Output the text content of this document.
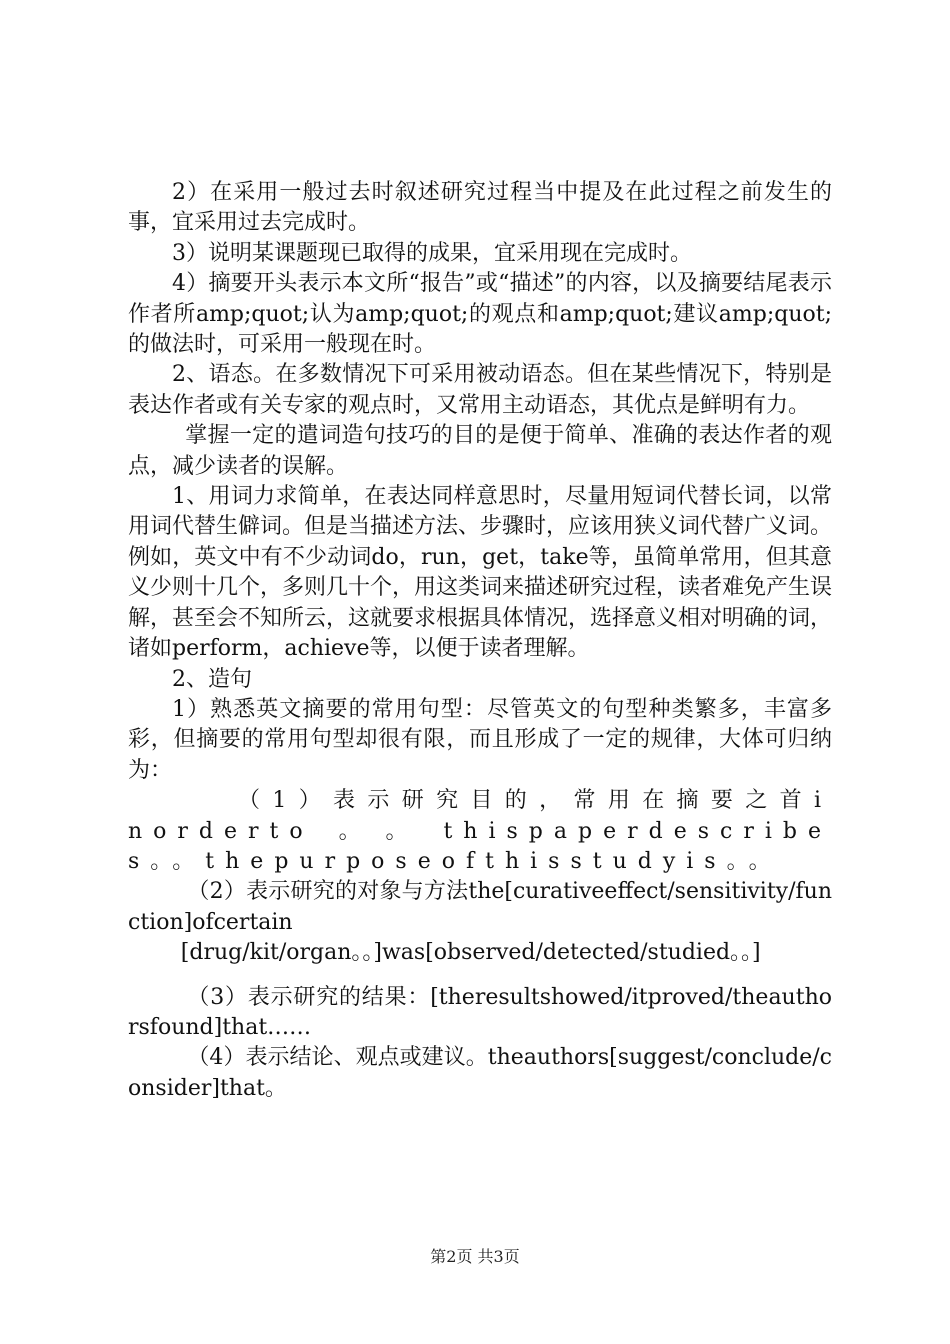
2）在采用一般过去时叙述研究过程当中提及在此过程之前发生的事，宜采用过去完成时。

3）说明某课题现已取得的成果，宜采用现在完成时。

4）摘要开头表示本文所“报告”或“描述”的内容，以及摘要结尾表示作者所amp;quot;认为amp;quot;的观点和amp;quot;建议amp;quot;的做法时，可采用一般现在时。

2、语态。在多数情况下可采用被动语态。但在某些情况下，特别是表达作者或有关专家的观点时，又常用主动语态，其优点是鲜明有力。

掌握一定的遣词造句技巧的目的是便于简单、准确的表达作者的观点，减少读者的误解。

1、用词力求简单，在表达同样意思时，尽量用短词代替长词，以常用词代替生僻词。但是当描述方法、步骤时，应该用狭义词代替广义词。例如，英文中有不少动词do，run，get，take等，虽简单常用，但其意义少则十几个，多则几十个，用这类词来描述研究过程，读者难免产生误解，甚至会不知所云，这就要求根据具体情况，选择意义相对明确的词，诸如perform，achieve等，以便于读者理解。

2、造句

1）熟悉英文摘要的常用句型：尽管英文的句型种类繁多，丰富多彩，但摘要的常用句型却很有限，而且形成了一定的规律，大体可归纳为：

（1）表示研究目的，常用在摘要之首inorderto。。thispaperdescribes。。thepurposeofthisstudyis。。

（2）表示研究的对象与方法the[curativeeffect/sensitivity/function]ofcertain

[drug/kit/organ。。]was[observed/detected/studied。。]

（3）表示研究的结果：[theresultshowed/itproved/theauthorsfound]that……

（4）表示结论、观点或建议。theauthors[suggest/conclude/consider]that。

第2页 共3页
